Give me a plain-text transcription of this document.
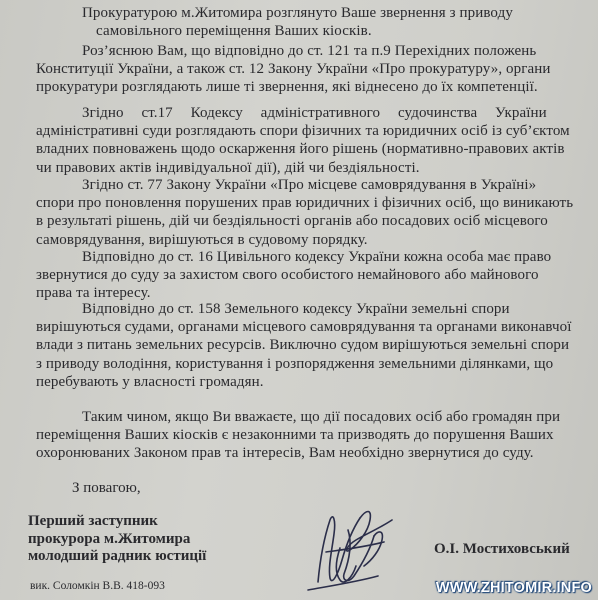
Прокуратурою м.Житомира розглянуто Ваше звернення з приводу
самовільного переміщення Ваших кіосків.

Роз’яснюю Вам, що відповідно до ст. 121 та п.9 Перехідних положень
Конституції України, а також ст. 12 Закону України «Про прокуратуру», органи
прокуратури розглядають лише ті звернення, які віднесено до їх компетенції.

Згідно ст.17 Кодексу адміністративного судочинства України
адміністративні суди розглядають спори фізичних та юридичних осіб із суб’єктом
владних повноважень щодо оскарження його рішень (нормативно-правових актів
чи правових актів індивідуальної дії), дій чи бездіяльності.

Згідно ст. 77 Закону України «Про місцеве самоврядування в Україні»
спори про поновлення порушених прав юридичних і фізичних осіб, що виникають
в результаті рішень, дій чи бездіяльності органів або посадових осіб місцевого
самоврядування, вирішуються в судовому порядку.

Відповідно до ст. 16 Цивільного кодексу України кожна особа має право
звернутися до суду за захистом свого особистого немайнового або майнового
права та інтересу.

Відповідно до ст. 158 Земельного кодексу України земельні спори
вирішуються судами, органами місцевого самоврядування та органами виконавчої
влади з питань земельних ресурсів. Виключно судом вирішуються земельні спори
з приводу володіння, користування і розпорядження земельними ділянками, що
перебувають у власності громадян.

Таким чином, якщо Ви вважаєте, що дії посадових осіб або громадян при
переміщення Ваших кіосків є незаконними та призводять до порушення Ваших
охоронюваних Законом прав та інтересів, Вам необхідно звернутися до суду.

З повагою,
Перший заступник
прокурора м.Житомира
молодший радник юстиції	О.І. Мостиховський
вик. Соломкін В.В. 418-093	WWW.ZHITOMIR.INFO
